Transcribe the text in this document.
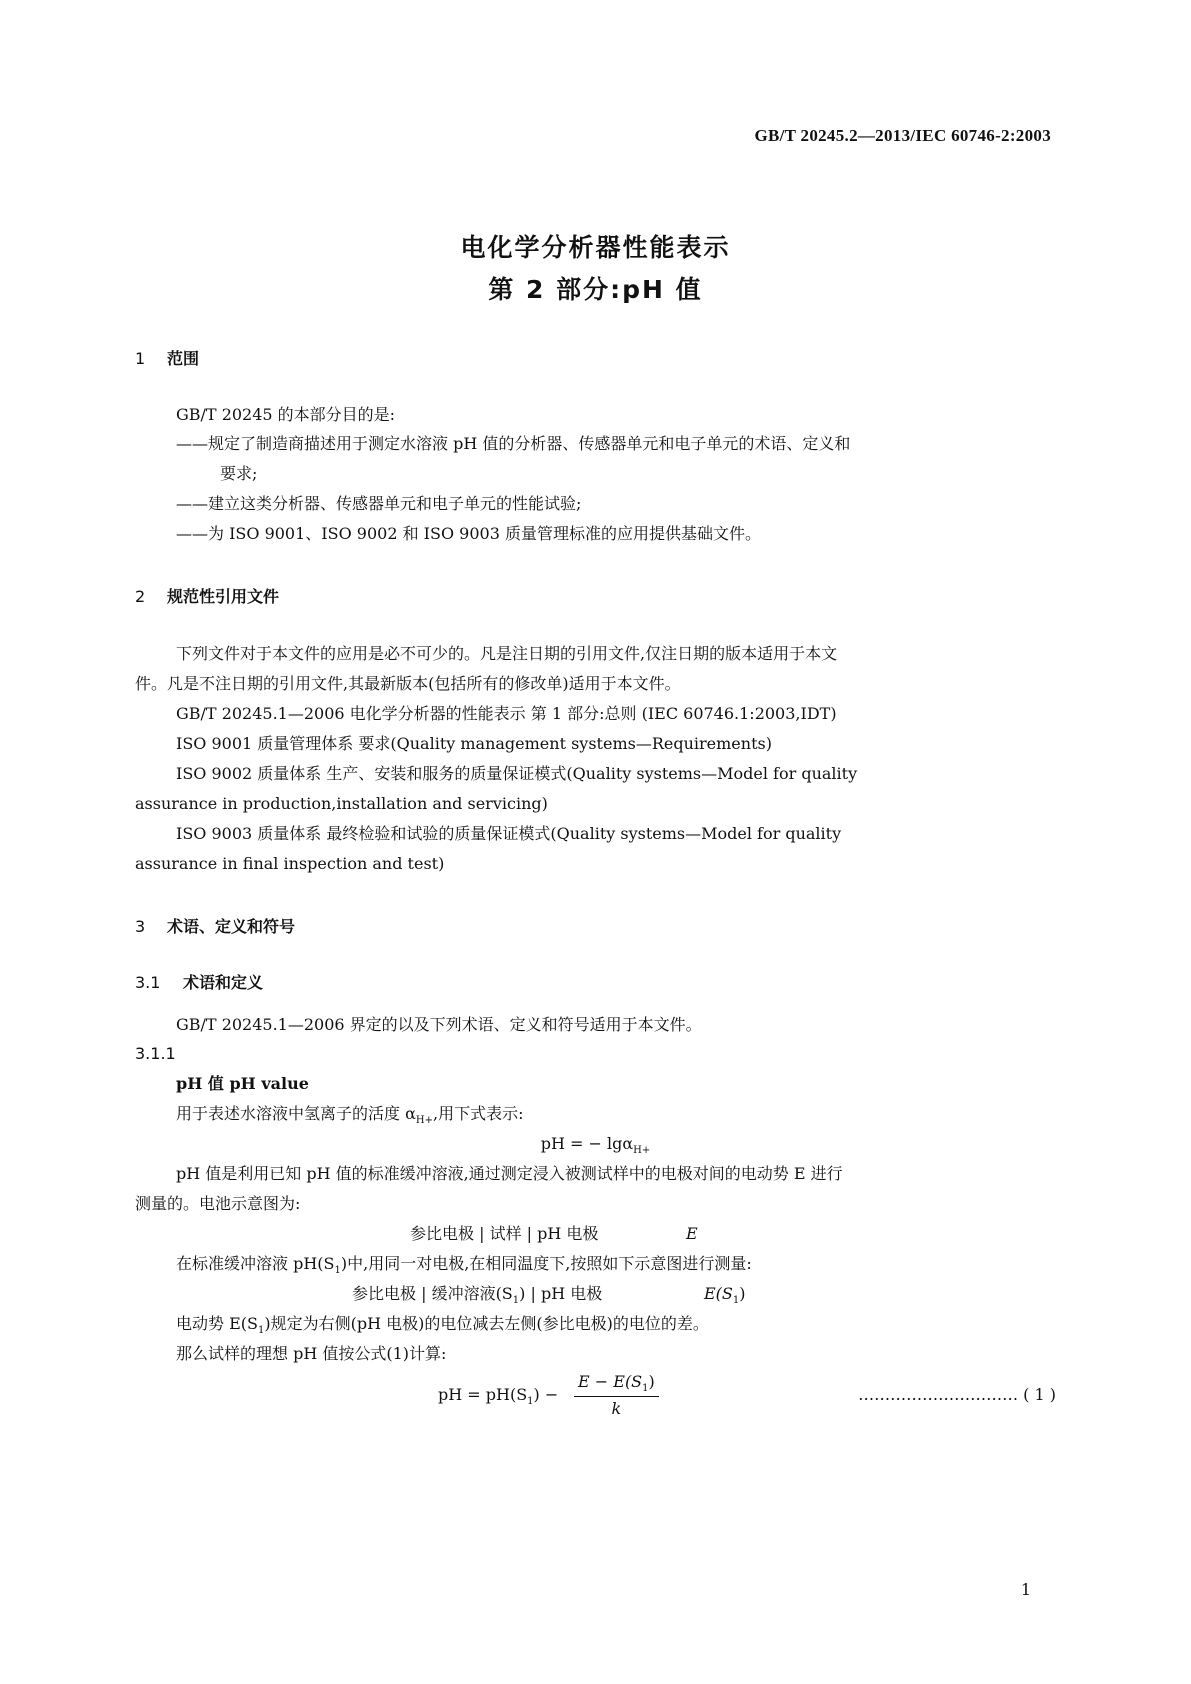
GB/T 20245.2—2013/IEC 60746-2:2003
电化学分析器性能表示
第 2 部分:pH 值
1 范围
GB/T 20245 的本部分目的是:
——规定了制造商描述用于测定水溶液 pH 值的分析器、传感器单元和电子单元的术语、定义和
要求;
——建立这类分析器、传感器单元和电子单元的性能试验;
——为 ISO 9001、ISO 9002 和 ISO 9003 质量管理标准的应用提供基础文件。
2 规范性引用文件
下列文件对于本文件的应用是必不可少的。凡是注日期的引用文件,仅注日期的版本适用于本文
件。凡是不注日期的引用文件,其最新版本(包括所有的修改单)适用于本文件。
GB/T 20245.1—2006 电化学分析器的性能表示 第 1 部分:总则 (IEC 60746.1:2003,IDT)
ISO 9001 质量管理体系 要求(Quality management systems—Requirements)
ISO 9002 质量体系 生产、安装和服务的质量保证模式(Quality systems—Model for quality
assurance in production,installation and servicing)
ISO 9003 质量体系 最终检验和试验的质量保证模式(Quality systems—Model for quality
assurance in final inspection and test)
3 术语、定义和符号
3.1 术语和定义
GB/T 20245.1—2006 界定的以及下列术语、定义和符号适用于本文件。
3.1.1
pH 值 pH value
用于表述水溶液中氢离子的活度 $\alpha_{H+}$,用下式表示:
pH = − lgα$_{H+}$
pH 值是利用已知 pH 值的标准缓冲溶液,通过测定浸入被测试样中的电极对间的电动势 E 进行
测量的。电池示意图为:
参比电极 | 试样 | pH 电极	E
在标准缓冲溶液 $pH(S_1)$中,用同一对电极,在相同温度下,按照如下示意图进行测量:
参比电极 | 缓冲溶液$(S_1)$ | pH 电极	$E(S_1)$
电动势 $E(S_1)$规定为右侧(pH 电极)的电位减去左侧(参比电极)的电位的差。
那么试样的理想 pH 值按公式(1)计算:
pH = $pH(S_1) - \frac{E - E(S_1)}{k}$	………………………… ( 1 )
1
